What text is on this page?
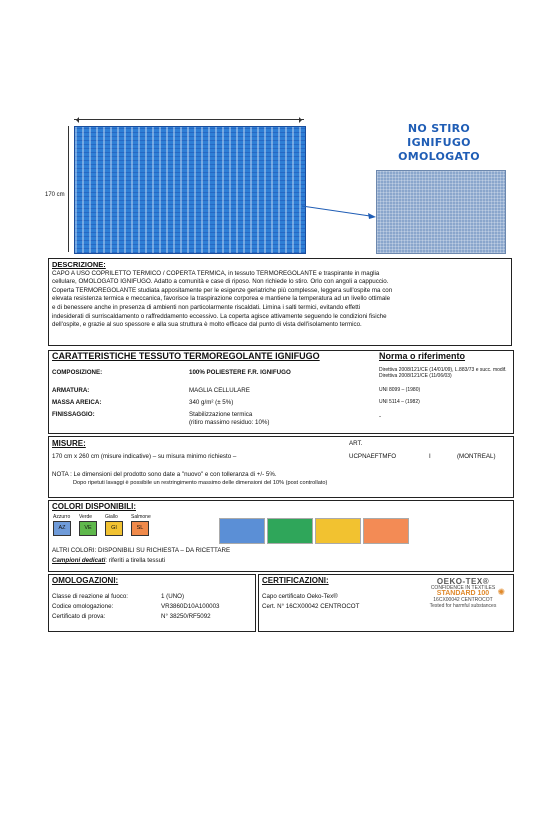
170 cm
NO STIRO
IGNIFUGO
OMOLOGATO
DESCRIZIONE:

CAPO A USO COPRILETTO TERMICO / COPERTA TERMICA, in tessuto TERMOREGOLANTE e traspirante in maglia

cellulare, OMOLOGATO IGNIFUGO. Adatto a comunità e case di riposo. Non richiede lo stiro. Orlo con angoli a cappuccio.

Coperta TERMOREGOLANTE studiata appositamente per le esigenze geriatriche più complesse, leggera sull'ospite ma con

elevata resistenza termica e meccanica, favorisce la traspirazione corporea e mantiene la temperatura ad un livello ottimale

e di benessere anche in presenza di ambienti non particolarmente riscaldati. Limina i salti termici, evitando effetti

indesiderati di surriscaldamento o raffreddamento eccessivo. La coperta agisce attivamente seguendo le condizioni fisiche

dell'ospite, e grazie al suo spessore e alla sua struttura è molto efficace dal punto di vista dell'isolamento termico.

CARATTERISTICHE TESSUTO TERMOREGOLANTE IGNIFUGO	Norma o riferimento
COMPOSIZIONE:	100% POLIESTERE F.R. IGNIFUGO	Direttiva 2008/121/CE (14/01/09), L.883/73 e succ. modif. Direttiva 2008/121/CE (11/06/03)
ARMATURA:	MAGLIA CELLULARE	UNI 8099 – (1980)
MASSA AREICA:	340 g/m² (± 5%)	UNI 5114 – (1982)
FINISSAGGIO:	Stabilizzazione termica
(ritiro massimo residuo: 10%)
-
MISURE:	ART.
170 cm x 260 cm (misure indicative) – su misura minimo richiesto –	UCPNAEFTMFO	I	(MONTREAL)
NOTA : Le dimensioni del prodotto sono date a "nuovo" e con tolleranza di +/- 5%.
Dopo ripetuti lavaggi è possibile un restringimento massimo delle dimensioni del 10% (post controllato)
COLORI DISPONIBILI:
Azzurro
AZ
Verde
VE
Giallo
GI
Salmone
SL
ALTRI COLORI: DISPONIBILI SU RICHIESTA – DA RICETTARE
Campioni dedicati: riferiti a tirella tessuti
OMOLOGAZIONI:
Classe di reazione al fuoco:	1 (UNO)
Codice omologazione:	VR3860D10A100003
Certificato di prova:	N° 38250/RF5092
CERTIFICAZIONI:
Capo certificato Oeko-Tex®
Cert. N° 16CX00042 CENTROCOT
OEKO-TEX®
CONFIDENCE IN TEXTILES
STANDARD 100
16CX00042 CENTROCOT
Tested for harmful substances
✺
